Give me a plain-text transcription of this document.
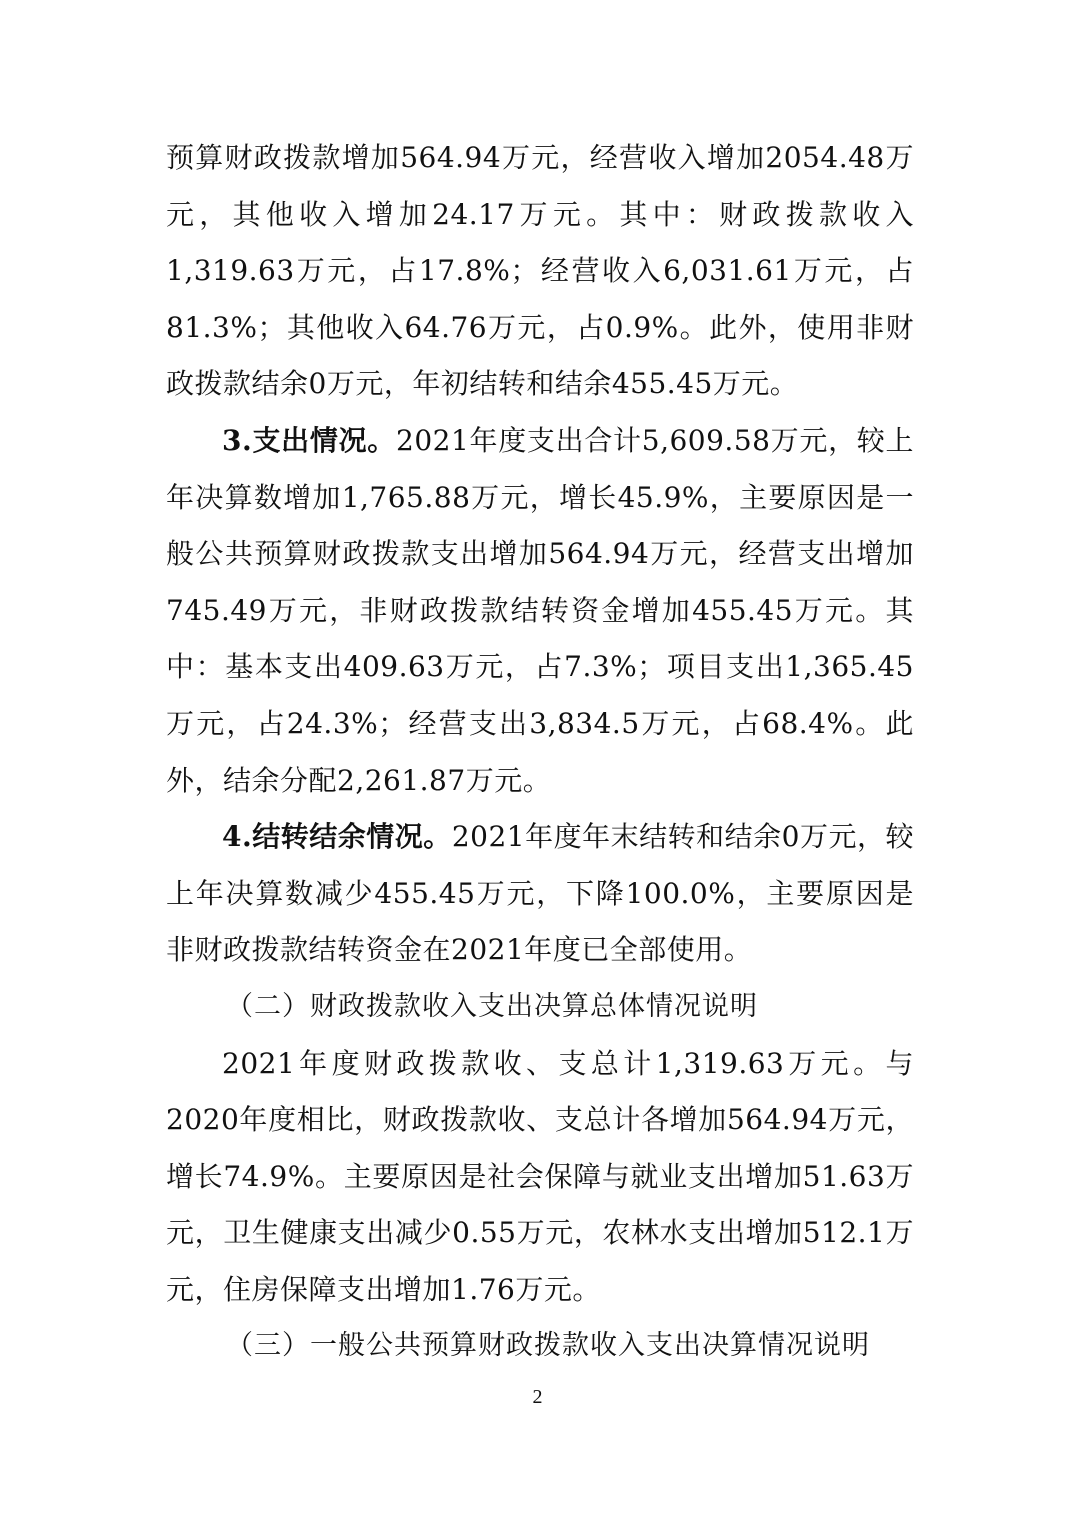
预算财政拨款增加564.94万元，经营收入增加2054.48万元，其他收入增加24.17万元。其中：财政拨款收入1,319.63万元，占17.8%；经营收入6,031.61万元，占81.3%；其他收入64.76万元，占0.9%。此外，使用非财政拨款结余0万元，年初结转和结余455.45万元。

3.支出情况。2021年度支出合计5,609.58万元，较上年决算数增加1,765.88万元，增长45.9%，主要原因是一般公共预算财政拨款支出增加564.94万元，经营支出增加745.49万元，非财政拨款结转资金增加455.45万元。其中：基本支出409.63万元，占7.3%；项目支出1,365.45万元，占24.3%；经营支出3,834.5万元，占68.4%。此外，结余分配2,261.87万元。

4.结转结余情况。2021年度年末结转和结余0万元，较上年决算数减少455.45万元，下降100.0%，主要原因是非财政拨款结转资金在2021年度已全部使用。

（二）财政拨款收入支出决算总体情况说明

2021年度财政拨款收、支总计1,319.63万元。与2020年度相比，财政拨款收、支总计各增加564.94万元，增长74.9%。主要原因是社会保障与就业支出增加51.63万元，卫生健康支出减少0.55万元，农林水支出增加512.1万元，住房保障支出增加1.76万元。

（三）一般公共预算财政拨款收入支出决算情况说明

2
